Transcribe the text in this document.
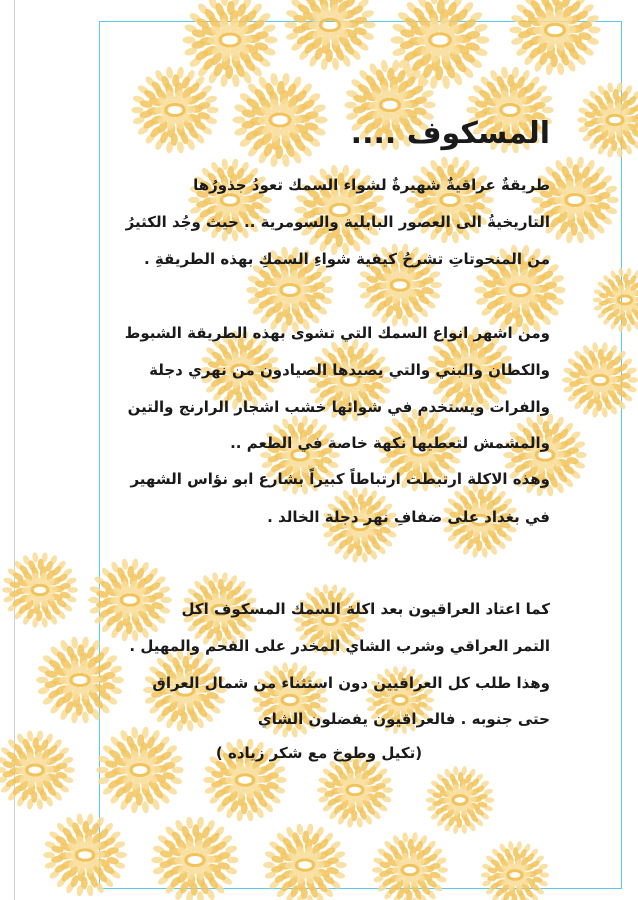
المسكوف ....
طريقةٌ عراقيةٌ شهيرةٌ لشواء السمك تعودُ جذورُها
التاريخيةُ الى العصور البابلية والسومرية .. حيث وجُد الكثيرُ
من المنحوتاتِ تشرحُ كيفية شواءِ السمكِ بهذه الطريقةِ .
ومن اشهر انواع السمك التي تشوى بهذه الطريقة الشبوط
والكطان والبني والتي يصيدها الصيادون من نهري دجلة
والفرات ويستخدم في شوائها خشب اشجار الرارنج والتين
والمشمش لتعطيها نكهة خاصة في الطعم ..
وهذه الاكلة ارتبطت ارتباطاً كبيراً بشارع ابو نؤاس الشهير
في بغداد على ضفافِ نهر دجلة الخالد .
كما اعتاد العراقيون بعد اكلة السمك المسكوف اكل
التمر العراقي وشرب الشاي المخدر على الفحم والمهيل .
وهذا طلب كل العراقيين دون استثناء من شمال العراق
حتى جنوبه . فالعراقيون يفضلون الشاي
(تكيل وطوخ مع شكر زياده )
